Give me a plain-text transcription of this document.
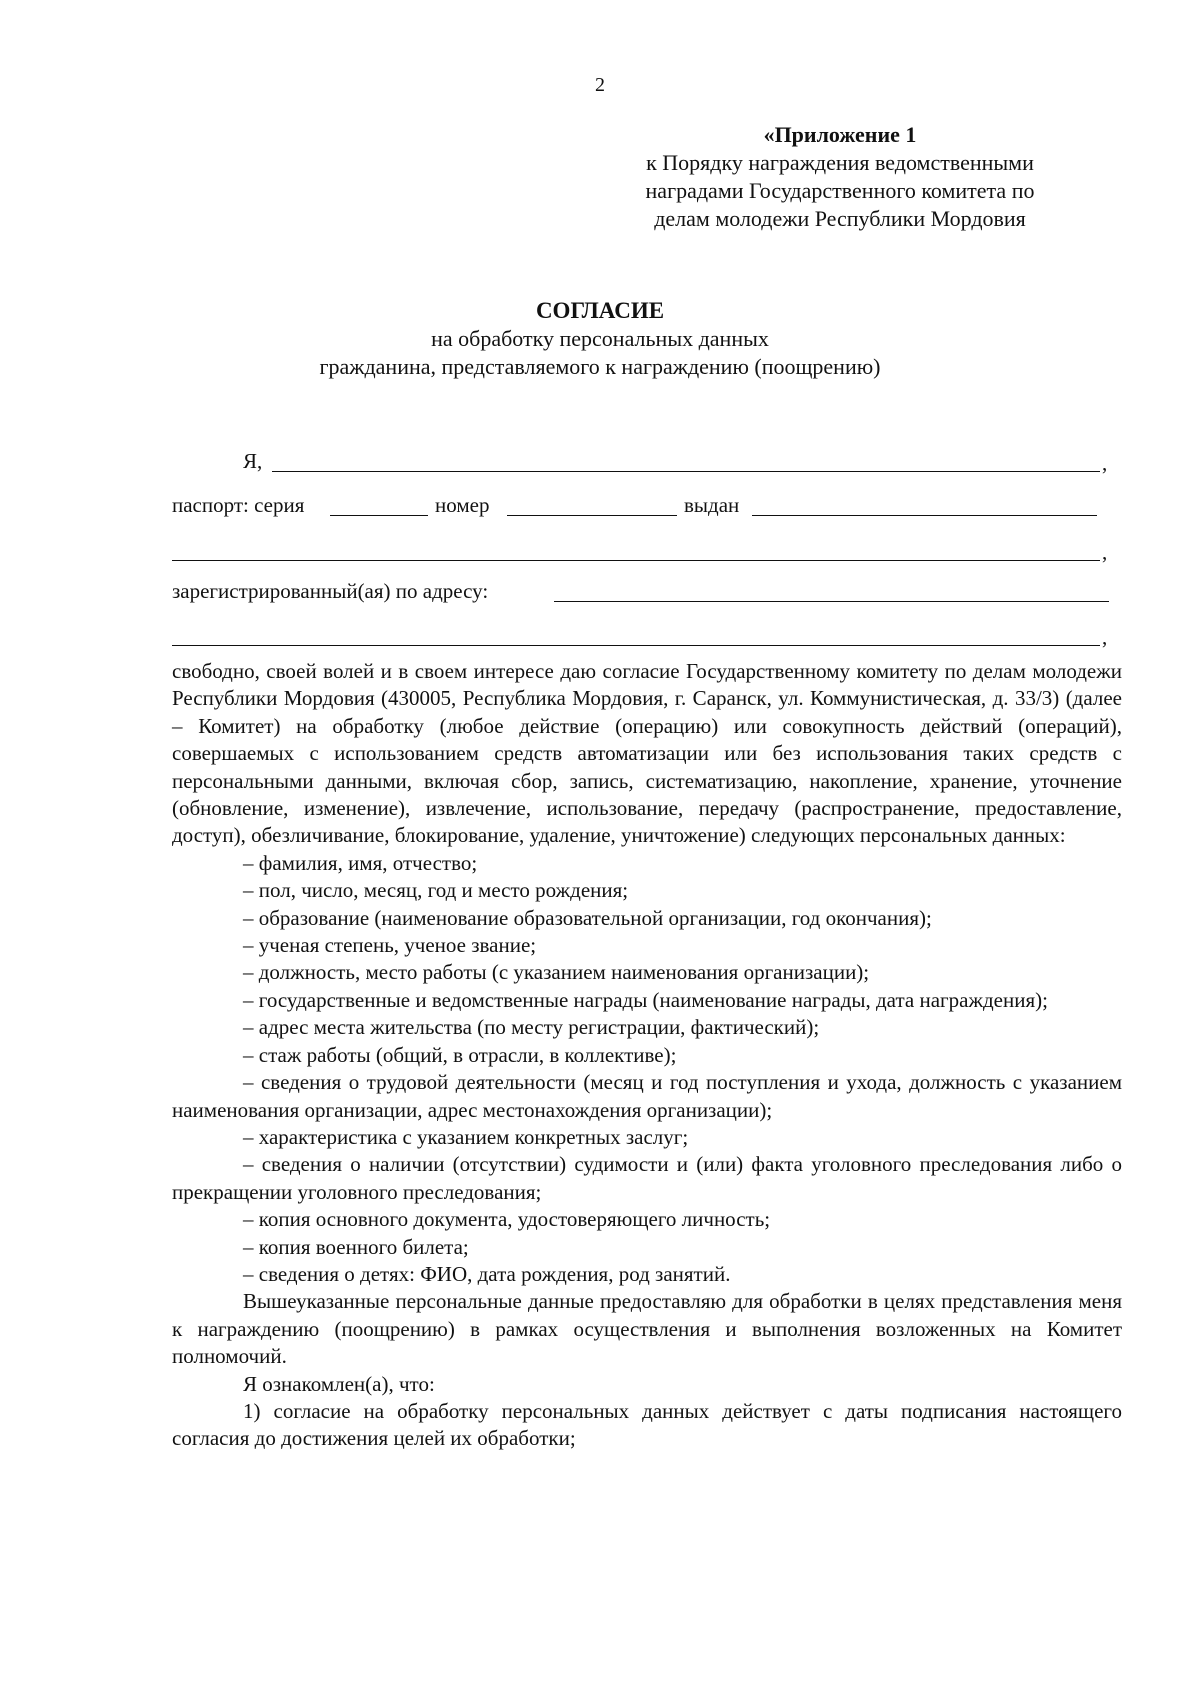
2
«Приложение 1
к Порядку награждения ведомственными
наградами Государственного комитета по
делам молодежи Республики Мордовия
СОГЛАСИЕ
на обработку персональных данных
гражданина, представляемого к награждению (поощрению)
Я,	,
паспорт: серия	номер	выдан
,
зарегистрированный(ая) по адресу:
,

свободно, своей волей и в своем интересе даю согласие Государственному комитету по делам молодежи Республики Мордовия (430005, Республика Мордовия, г. Саранск, ул. Коммунистическая, д. 33/3) (далее – Комитет) на обработку (любое действие (операцию) или совокупность действий (операций), совершаемых с использованием средств автоматизации или без использования таких средств с персональными данными, включая сбор, запись, систематизацию, накопление, хранение, уточнение (обновление, изменение), извлечение, использование, передачу (распространение, предоставление, доступ), обезличивание, блокирование, удаление, уничтожение) следующих персональных данных:

– фамилия, имя, отчество;

– пол, число, месяц, год и место рождения;

– образование (наименование образовательной организации, год окончания);

– ученая степень, ученое звание;

– должность, место работы (с указанием наименования организации);

– государственные и ведомственные награды (наименование награды, дата награждения);

– адрес места жительства (по месту регистрации, фактический);

– стаж работы (общий, в отрасли, в коллективе);

– сведения о трудовой деятельности (месяц и год поступления и ухода, должность с указанием наименования организации, адрес местонахождения организации);

– характеристика с указанием конкретных заслуг;

– сведения о наличии (отсутствии) судимости и (или) факта уголовного преследования либо о прекращении уголовного преследования;

– копия основного документа, удостоверяющего личность;

– копия военного билета;

– сведения о детях: ФИО, дата рождения, род занятий.

Вышеуказанные персональные данные предоставляю для обработки в целях представления меня к награждению (поощрению) в рамках осуществления и выполнения возложенных на Комитет полномочий.

Я ознакомлен(а), что:

1) согласие на обработку персональных данных действует с даты подписания настоящего согласия до достижения целей их обработки;
